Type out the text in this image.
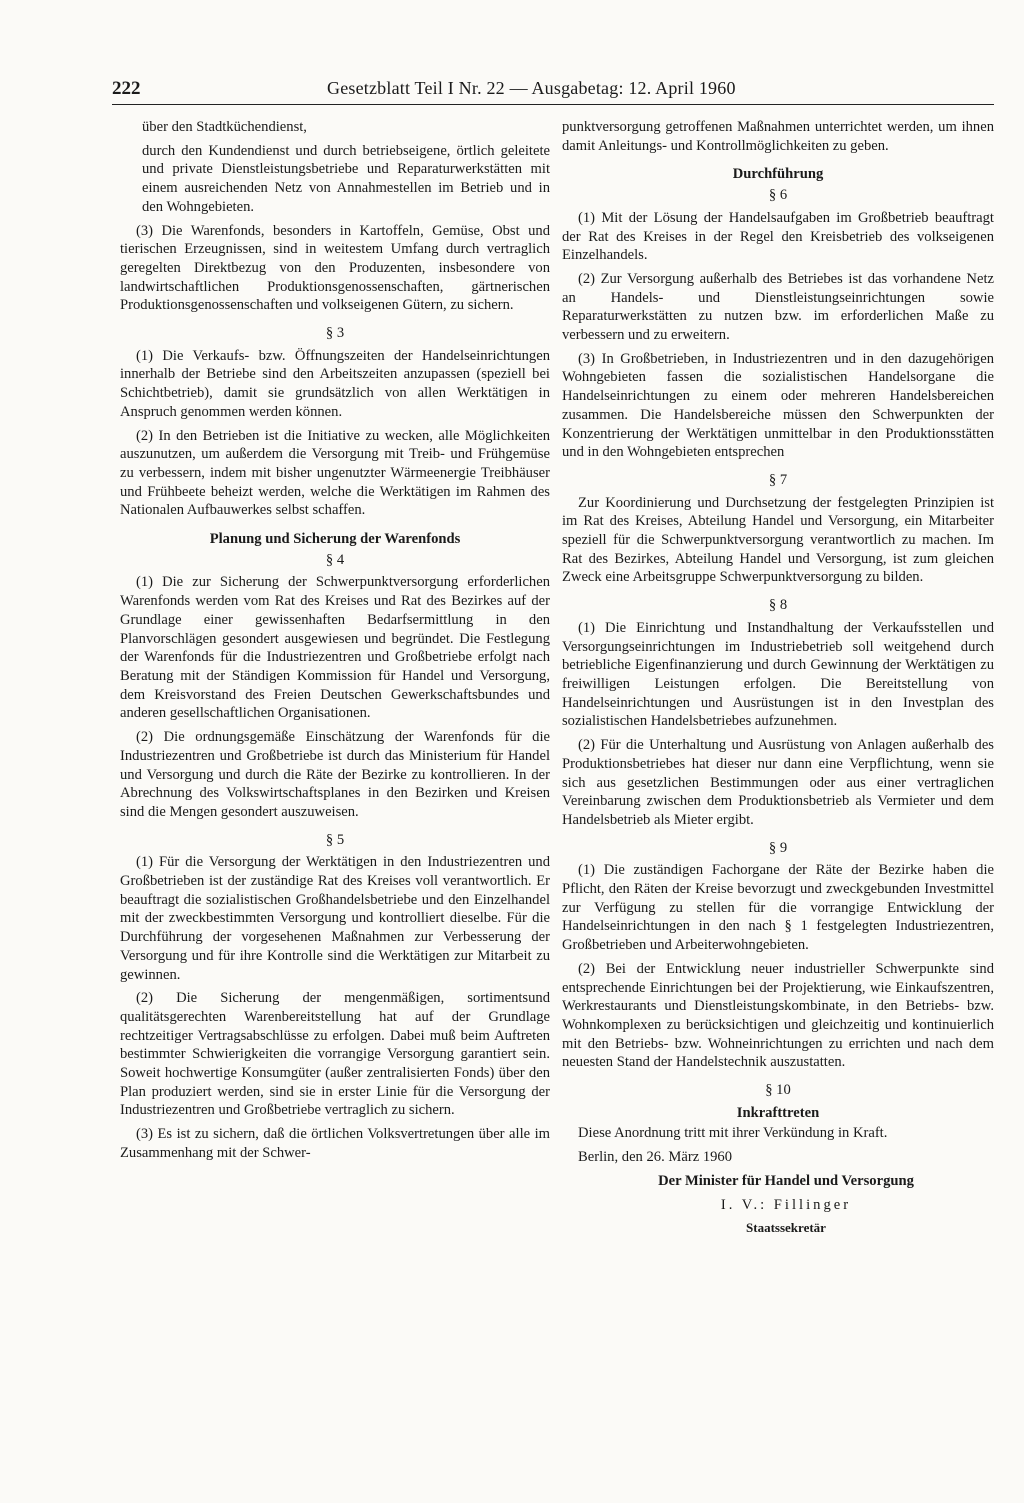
222	Gesetzblatt Teil I Nr. 22 — Ausgabetag: 12. April 1960

über den Stadtküchendienst,

durch den Kundendienst und durch betriebseigene, örtlich geleitete und private Dienstleistungsbetriebe und Reparaturwerkstätten mit einem ausreichenden Netz von Annahmestellen im Betrieb und in den Wohngebieten.

(3) Die Warenfonds, besonders in Kartoffeln, Gemüse, Obst und tierischen Erzeugnissen, sind in weitestem Umfang durch vertraglich geregelten Direktbezug von den Produzenten, insbesondere von landwirtschaftlichen Produktionsgenossenschaften, gärtnerischen Produktionsgenossenschaften und volkseigenen Gütern, zu sichern.

§ 3

(1) Die Verkaufs- bzw. Öffnungszeiten der Handelseinrichtungen innerhalb der Betriebe sind den Arbeitszeiten anzupassen (speziell bei Schichtbetrieb), damit sie grundsätzlich von allen Werktätigen in Anspruch genommen werden können.

(2) In den Betrieben ist die Initiative zu wecken, alle Möglichkeiten auszunutzen, um außerdem die Versorgung mit Treib- und Frühgemüse zu verbessern, indem mit bisher ungenutzter Wärmeenergie Treibhäuser und Frühbeete beheizt werden, welche die Werktätigen im Rahmen des Nationalen Aufbauwerkes selbst schaffen.

Planung und Sicherung der Warenfonds
§ 4

(1) Die zur Sicherung der Schwerpunktversorgung erforderlichen Warenfonds werden vom Rat des Kreises und Rat des Bezirkes auf der Grundlage einer gewissenhaften Bedarfsermittlung in den Planvorschlägen gesondert ausgewiesen und begründet. Die Festlegung der Warenfonds für die Industriezentren und Großbetriebe erfolgt nach Beratung mit der Ständigen Kommission für Handel und Versorgung, dem Kreisvorstand des Freien Deutschen Gewerkschaftsbundes und anderen gesellschaftlichen Organisationen.

(2) Die ordnungsgemäße Einschätzung der Warenfonds für die Industriezentren und Großbetriebe ist durch das Ministerium für Handel und Versorgung und durch die Räte der Bezirke zu kontrollieren. In der Abrechnung des Volkswirtschaftsplanes in den Bezirken und Kreisen sind die Mengen gesondert auszuweisen.

§ 5

(1) Für die Versorgung der Werktätigen in den Industriezentren und Großbetrieben ist der zuständige Rat des Kreises voll verantwortlich. Er beauftragt die sozialistischen Großhandelsbetriebe und den Einzelhandel mit der zweckbestimmten Versorgung und kontrolliert dieselbe. Für die Durchführung der vorgesehenen Maßnahmen zur Verbesserung der Versorgung und für ihre Kontrolle sind die Werktätigen zur Mitarbeit zu gewinnen.

(2) Die Sicherung der mengenmäßigen, sortimentsund qualitätsgerechten Warenbereitstellung hat auf der Grundlage rechtzeitiger Vertragsabschlüsse zu erfolgen. Dabei muß beim Auftreten bestimmter Schwierigkeiten die vorrangige Versorgung garantiert sein. Soweit hochwertige Konsumgüter (außer zentralisierten Fonds) über den Plan produziert werden, sind sie in erster Linie für die Versorgung der Industriezentren und Großbetriebe vertraglich zu sichern.

(3) Es ist zu sichern, daß die örtlichen Volksvertretungen über alle im Zusammenhang mit der Schwer-

punktversorgung getroffenen Maßnahmen unterrichtet werden, um ihnen damit Anleitungs- und Kontrollmöglichkeiten zu geben.

Durchführung
§ 6

(1) Mit der Lösung der Handelsaufgaben im Großbetrieb beauftragt der Rat des Kreises in der Regel den Kreisbetrieb des volkseigenen Einzelhandels.

(2) Zur Versorgung außerhalb des Betriebes ist das vorhandene Netz an Handels- und Dienstleistungseinrichtungen sowie Reparaturwerkstätten zu nutzen bzw. im erforderlichen Maße zu verbessern und zu erweitern.

(3) In Großbetrieben, in Industriezentren und in den dazugehörigen Wohngebieten fassen die sozialistischen Handelsorgane die Handelseinrichtungen zu einem oder mehreren Handelsbereichen zusammen. Die Handelsbereiche müssen den Schwerpunkten der Konzentrierung der Werktätigen unmittelbar in den Produktionsstätten und in den Wohngebieten entsprechen

§ 7

Zur Koordinierung und Durchsetzung der festgelegten Prinzipien ist im Rat des Kreises, Abteilung Handel und Versorgung, ein Mitarbeiter speziell für die Schwerpunktversorgung verantwortlich zu machen. Im Rat des Bezirkes, Abteilung Handel und Versorgung, ist zum gleichen Zweck eine Arbeitsgruppe Schwerpunktversorgung zu bilden.

§ 8

(1) Die Einrichtung und Instandhaltung der Verkaufsstellen und Versorgungseinrichtungen im Industriebetrieb soll weitgehend durch betriebliche Eigenfinanzierung und durch Gewinnung der Werktätigen zu freiwilligen Leistungen erfolgen. Die Bereitstellung von Handelseinrichtungen und Ausrüstungen ist in den Investplan des sozialistischen Handelsbetriebes aufzunehmen.

(2) Für die Unterhaltung und Ausrüstung von Anlagen außerhalb des Produktionsbetriebes hat dieser nur dann eine Verpflichtung, wenn sie sich aus gesetzlichen Bestimmungen oder aus einer vertraglichen Vereinbarung zwischen dem Produktionsbetrieb als Vermieter und dem Handelsbetrieb als Mieter ergibt.

§ 9

(1) Die zuständigen Fachorgane der Räte der Bezirke haben die Pflicht, den Räten der Kreise bevorzugt und zweckgebunden Investmittel zur Verfügung zu stellen für die vorrangige Entwicklung der Handelseinrichtungen in den nach § 1 festgelegten Industriezentren, Großbetrieben und Arbeiterwohngebieten.

(2) Bei der Entwicklung neuer industrieller Schwerpunkte sind entsprechende Einrichtungen bei der Projektierung, wie Einkaufszentren, Werkrestaurants und Dienstleistungskombinate, in den Betriebs- bzw. Wohnkomplexen zu berücksichtigen und gleichzeitig und kontinuierlich mit den Betriebs- bzw. Wohneinrichtungen zu errichten und nach dem neuesten Stand der Handelstechnik auszustatten.

§ 10
Inkrafttreten

Diese Anordnung tritt mit ihrer Verkündung in Kraft.

Berlin, den 26. März 1960

Der Minister für Handel und Versorgung

I. V.: Fillinger

Staatssekretär
